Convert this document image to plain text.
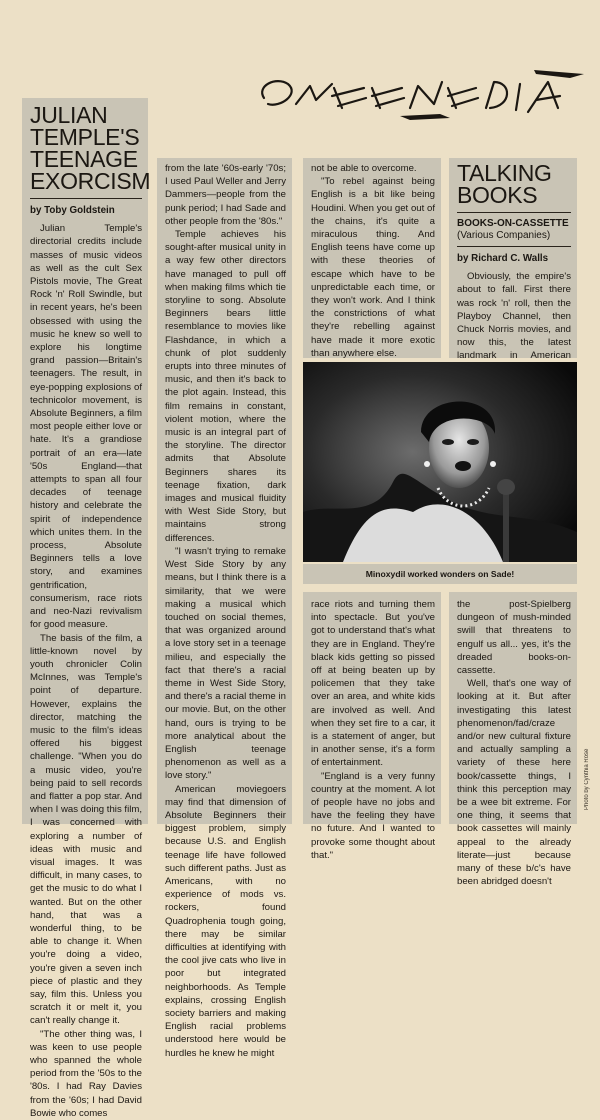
GREENEDIA
JULIAN
TEMPLE'S
TEENAGE
EXORCISM
by Toby Goldstein

Julian Temple's directorial credits include masses of music videos as well as the cult Sex Pistols movie, The Great Rock 'n' Roll Swindle, but in recent years, he's been obsessed with using the music he knew so well to explore his longtime grand passion—Britain's teenagers. The result, in eye-popping explosions of technicolor movement, is Absolute Beginners, a film most people either love or hate. It's a grandiose portrait of an era—late '50s England—that attempts to span all four decades of teenage history and celebrate the spirit of independence which unites them. In the process, Absolute Beginners tells a love story, and examines gentrification, consumerism, race riots and neo-Nazi revivalism for good measure.

The basis of the film, a little-known novel by youth chronicler Colin McInnes, was Temple's point of departure. However, explains the director, matching the music to the film's ideas offered his biggest challenge. "When you do a music video, you're being paid to sell records and flatter a pop star. And when I was doing this film, I was concerned with exploring a number of ideas with music and visual images. It was difficult, in many cases, to get the music to do what I wanted. But on the other hand, that was a wonderful thing, to be able to change it. When you're doing a video, you're given a seven inch piece of plastic and they say, film this. Unless you scratch it or melt it, you can't really change it.

"The other thing was, I was keen to use people who spanned the whole period from the '50s to the '80s. I had Ray Davies from the '60s; I had David Bowie who comes

from the late '60s-early '70s; I used Paul Weller and Jerry Dammers—people from the punk period; I had Sade and other people from the '80s."

Temple achieves his sought-after musical unity in a way few other directors have managed to pull off when making films which tie storyline to song. Absolute Beginners bears little resemblance to movies like Flashdance, in which a chunk of plot suddenly erupts into three minutes of music, and then it's back to the plot again. Instead, this film remains in constant, violent motion, where the music is an integral part of the storyline. The director admits that Absolute Beginners shares its teenage fixation, dark images and musical fluidity with West Side Story, but maintains strong differences.

"I wasn't trying to remake West Side Story by any means, but I think there is a similarity, that we were making a musical which touched on social themes, that was organized around a love story set in a teenage milieu, and especially the fact that there's a racial theme in West Side Story, and there's a racial theme in our movie. But, on the other hand, ours is trying to be more analytical about the English teenage phenomenon as well as a love story."

American moviegoers may find that dimension of Absolute Beginners their biggest problem, simply because U.S. and English teenage life have followed such different paths. Just as Americans, with no experience of mods vs. rockers, found Quadrophenia tough going, there may be similar difficulties at identifying with the cool jive cats who live in poor but integrated neighborhoods. As Temple explains, crossing English society barriers and making English racial problems understood here would be hurdles he knew he might

not be able to overcome.

"To rebel against being English is a bit like being Houdini. When you get out of the chains, it's quite a miraculous thing. And English teens have come up with these theories of escape which have to be unpredictable each time, or they won't work. And I think the constrictions of what they're rebelling against have made it more exotic than anywhere else.

TALKING
BOOKS
BOOKS-ON-CASSETTE
(Various Companies)
by Richard C. Walls

Obviously, the empire's about to fall. First there was rock 'n' roll, then the Playboy Channel, then Chuck Norris movies, and now this, the latest landmark in American

Minoxydil worked wonders on Sade!
Photo by Cynthia Rose

race riots and turning them into spectacle. But you've got to understand that's what they are in England. They're black kids getting so pissed off at being beaten up by policemen that they take over an area, and white kids are involved as well. And when they set fire to a car, it is a statement of anger, but in another sense, it's a form of entertainment.

"England is a very funny country at the moment. A lot of people have no jobs and have the feeling they have no future. And I wanted to provoke some thought about that."

the post-Spielberg dungeon of mush-minded swill that threatens to engulf us all... yes, it's the dreaded books-on-cassette.

Well, that's one way of looking at it. But after investigating this latest phenomenon/fad/craze and/or new cultural fixture and actually sampling a variety of these here book/cassette things, I think this perception may be a wee bit extreme. For one thing, it seems that book cassettes will mainly appeal to the already literate—just because many of these b/c's have been abridged doesn't
